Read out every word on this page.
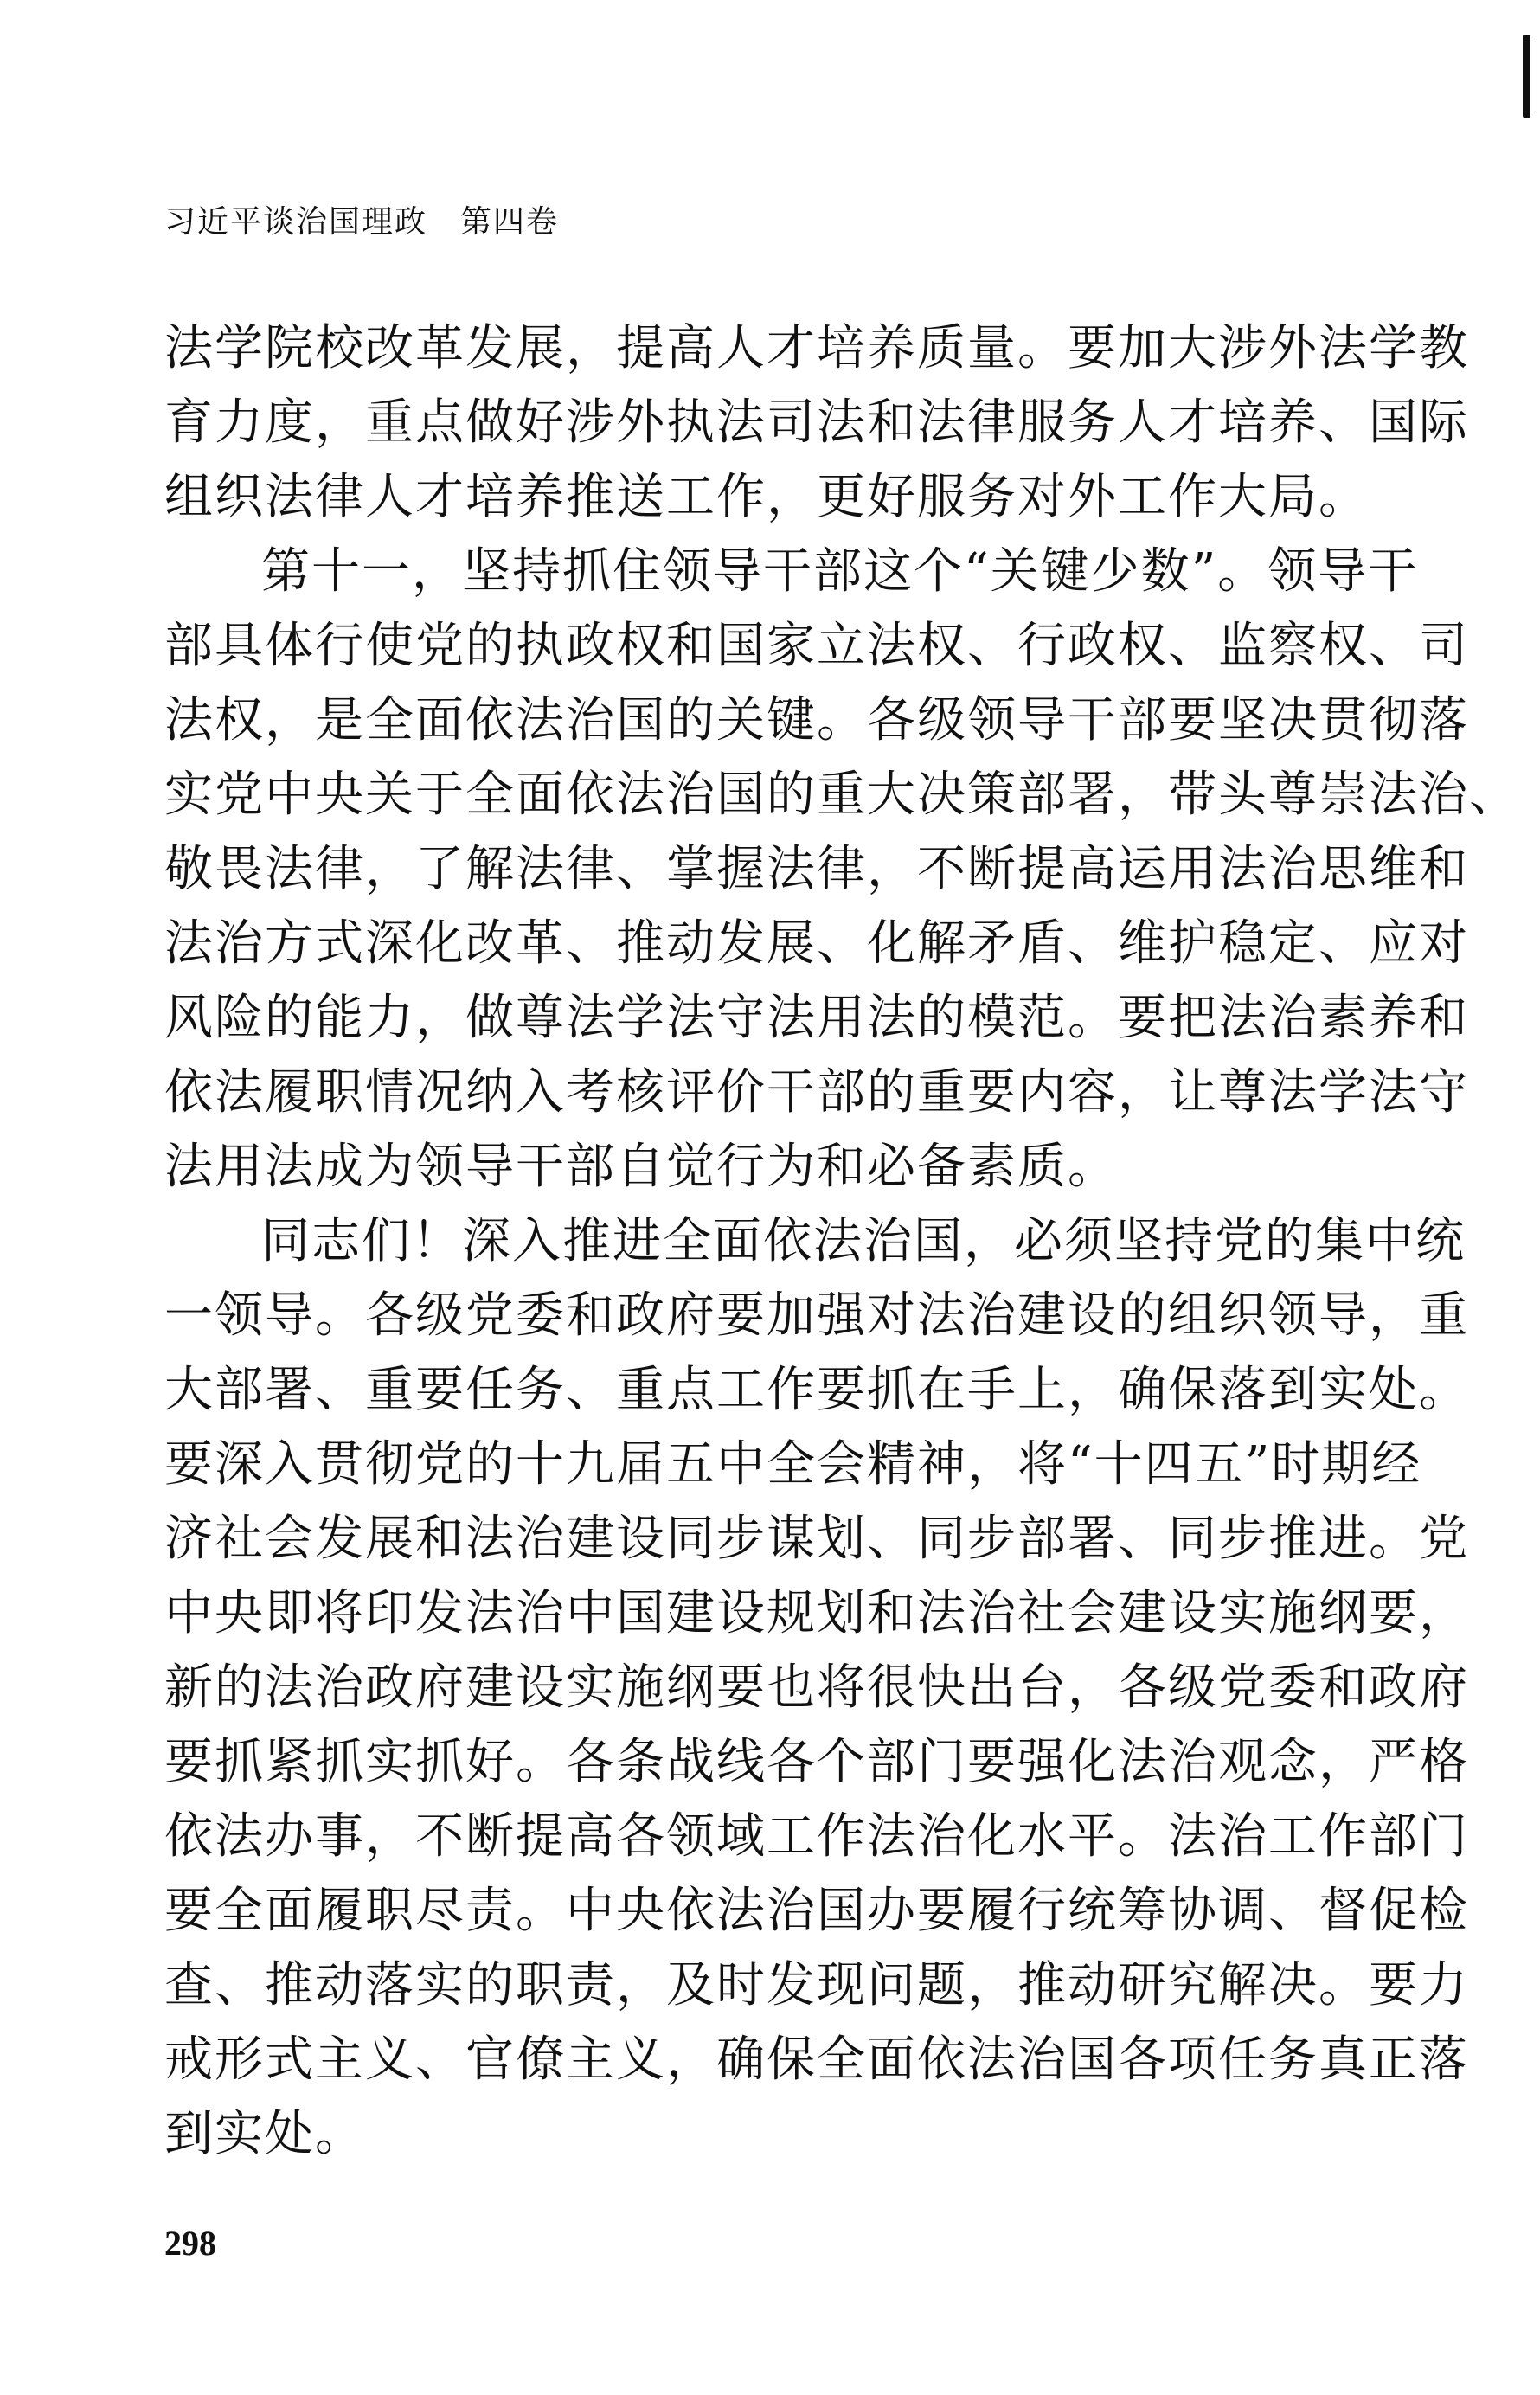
习近平谈治国理政　第四卷
法学院校改革发展，提高人才培养质量。要加大涉外法学教
育力度，重点做好涉外执法司法和法律服务人才培养、国际
组织法律人才培养推送工作，更好服务对外工作大局。
第十一，坚持抓住领导干部这个“关键少数”。领导干
部具体行使党的执政权和国家立法权、行政权、监察权、司
法权，是全面依法治国的关键。各级领导干部要坚决贯彻落
实党中央关于全面依法治国的重大决策部署，带头尊崇法治、
敬畏法律，了解法律、掌握法律，不断提高运用法治思维和
法治方式深化改革、推动发展、化解矛盾、维护稳定、应对
风险的能力，做尊法学法守法用法的模范。要把法治素养和
依法履职情况纳入考核评价干部的重要内容，让尊法学法守
法用法成为领导干部自觉行为和必备素质。
同志们！深入推进全面依法治国，必须坚持党的集中统
一领导。各级党委和政府要加强对法治建设的组织领导，重
大部署、重要任务、重点工作要抓在手上，确保落到实处。
要深入贯彻党的十九届五中全会精神，将“十四五”时期经
济社会发展和法治建设同步谋划、同步部署、同步推进。党
中央即将印发法治中国建设规划和法治社会建设实施纲要，
新的法治政府建设实施纲要也将很快出台，各级党委和政府
要抓紧抓实抓好。各条战线各个部门要强化法治观念，严格
依法办事，不断提高各领域工作法治化水平。法治工作部门
要全面履职尽责。中央依法治国办要履行统筹协调、督促检
查、推动落实的职责，及时发现问题，推动研究解决。要力
戒形式主义、官僚主义，确保全面依法治国各项任务真正落
到实处。
298
